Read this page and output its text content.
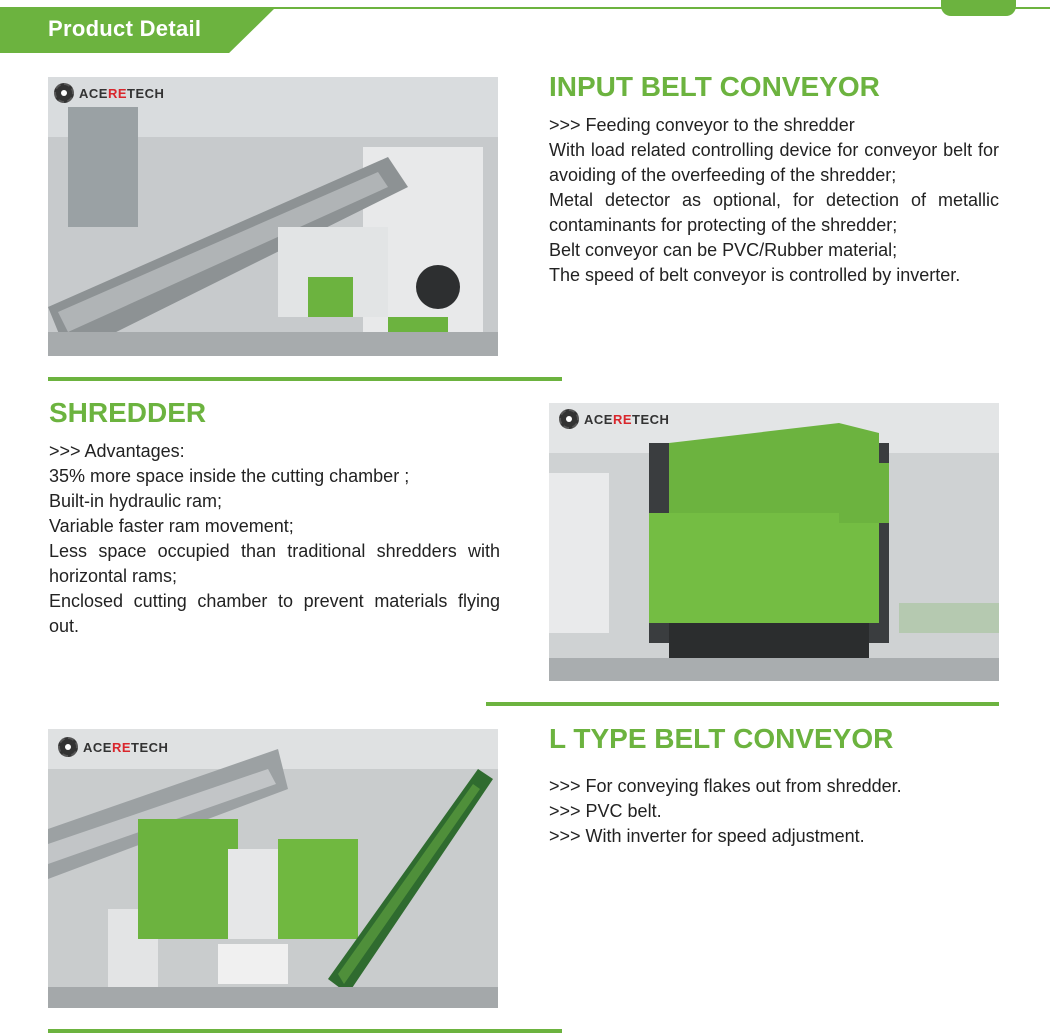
Product Detail
ACE RE TECH	INPUT BELT CONVEYOR

>>> Feeding conveyor to the shredder

With load related controlling device for conveyor belt for avoiding of the overfeeding of the shredder;

Metal detector as optional, for detection of metallic contaminants for protecting of the shredder;

Belt conveyor can be PVC/Rubber material;

The speed of belt conveyor is controlled by inverter.

SHREDDER

>>> Advantages:

35% more space inside the cutting chamber ;

Built-in hydraulic ram;

Variable faster ram movement;

Less space occupied than traditional shredders with horizontal rams;

Enclosed cutting chamber to prevent materials flying out.

ACE RE TECH
ACE RE TECH	L TYPE BELT CONVEYOR

>>> For conveying flakes out from shredder.

>>> PVC belt.

>>> With inverter for speed adjustment.
